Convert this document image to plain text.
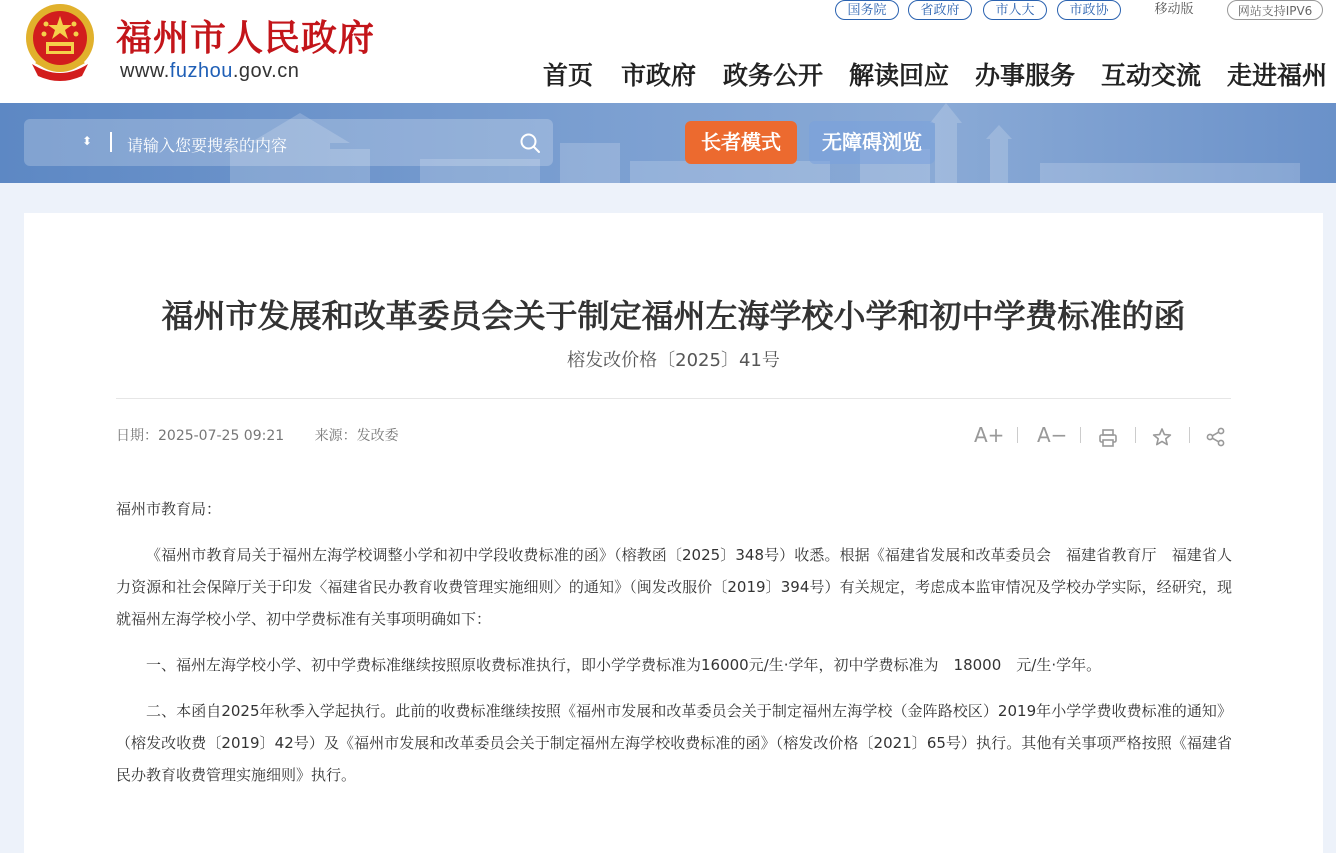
福州市人民政府
www.fuzhou.gov.cn
国务院	省政府	市人大	市政协	移动版	网站支持IPV6
首页 市政府 政务公开 解读回应 办事服务 互动交流 走进福州
⬍ 请输入您要搜索的内容	长者模式	无障碍浏览
福州市发展和改革委员会关于制定福州左海学校小学和初中学费标准的函
榕发改价格〔2025〕41号
日期：2025-07-25 09:21 来源：发改委	A+ A−

福州市教育局：

《福州市教育局关于福州左海学校调整小学和初中学段收费标准的函》（榕教函〔2025〕348号）收悉。根据《福建省发展和改革委员会　福建省教育厅　福建省人力资源和社会保障厅关于印发〈福建省民办教育收费管理实施细则〉的通知》（闽发改服价〔2019〕394号）有关规定，考虑成本监审情况及学校办学实际，经研究，现就福州左海学校小学、初中学费标准有关事项明确如下：

一、福州左海学校小学、初中学费标准继续按照原收费标准执行，即小学学费标准为16000元/生·学年，初中学费标准为　18000　元/生·学年。

二、本函自2025年秋季入学起执行。此前的收费标准继续按照《福州市发展和改革委员会关于制定福州左海学校（金阵路校区）2019年小学学费收费标准的通知》（榕发改收费〔2019〕42号）及《福州市发展和改革委员会关于制定福州左海学校收费标准的函》（榕发改价格〔2021〕65号）执行。其他有关事项严格按照《福建省民办教育收费管理实施细则》执行。
